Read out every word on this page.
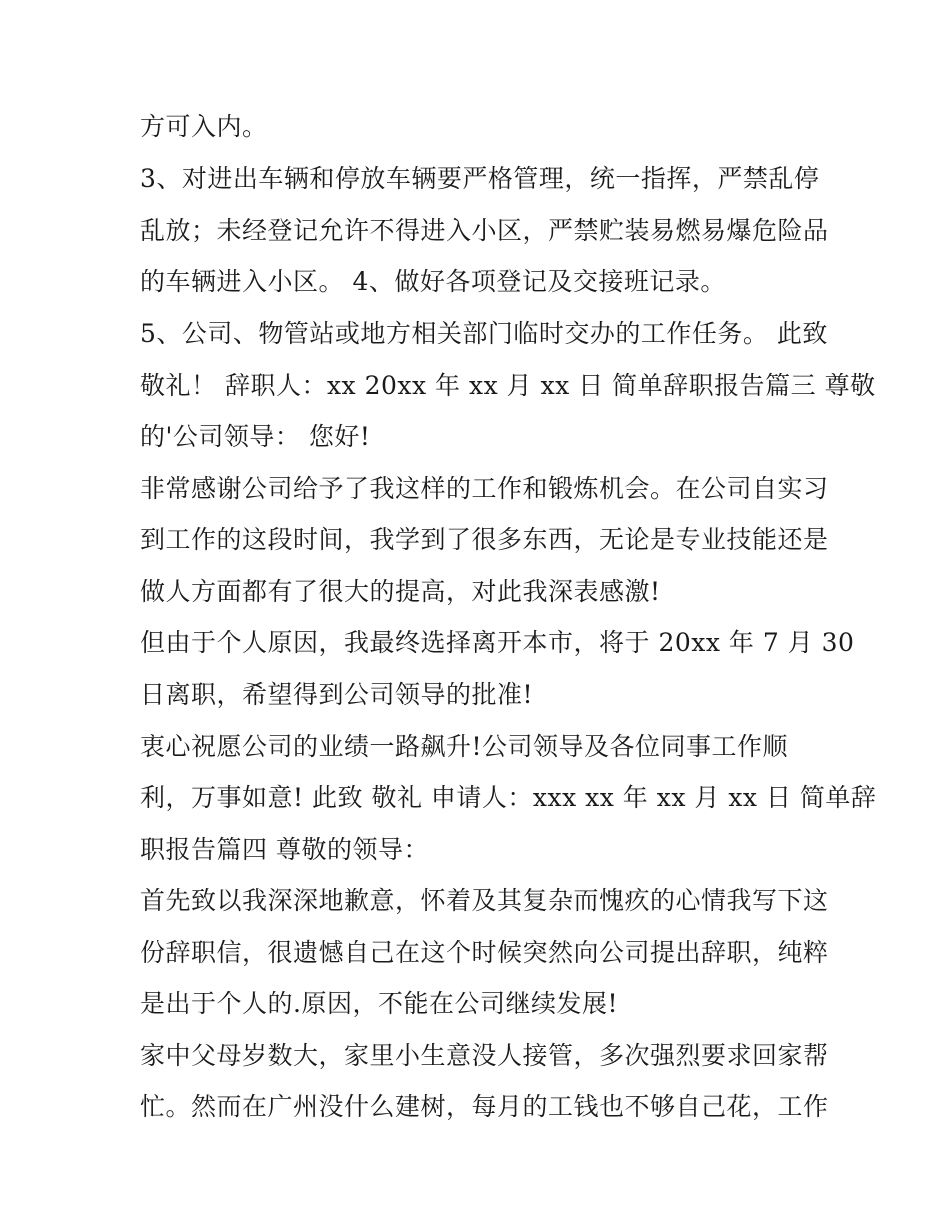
方可入内。
3、对进出车辆和停放车辆要严格管理，统一指挥，严禁乱停
乱放；未经登记允许不得进入小区，严禁贮装易燃易爆危险品
的车辆进入小区。 4、做好各项登记及交接班记录。
5、公司、物管站或地方相关部门临时交办的工作任务。 此致
敬礼！ 辞职人：xx 20xx 年 xx 月 xx 日 简单辞职报告篇三 尊敬
的'公司领导： 您好!
非常感谢公司给予了我这样的工作和锻炼机会。在公司自实习
到工作的这段时间，我学到了很多东西，无论是专业技能还是
做人方面都有了很大的提高，对此我深表感激!
但由于个人原因，我最终选择离开本市，将于 20xx 年 7 月 30
日离职，希望得到公司领导的批准!
衷心祝愿公司的业绩一路飙升!公司领导及各位同事工作顺
利，万事如意! 此致 敬礼 申请人：xxx xx 年 xx 月 xx 日 简单辞
职报告篇四 尊敬的领导：
首先致以我深深地歉意，怀着及其复杂而愧疚的心情我写下这
份辞职信，很遗憾自己在这个时候突然向公司提出辞职，纯粹
是出于个人的.原因，不能在公司继续发展!
家中父母岁数大，家里小生意没人接管，多次强烈要求回家帮
忙。然而在广州没什么建树，每月的工钱也不够自己花，工作
